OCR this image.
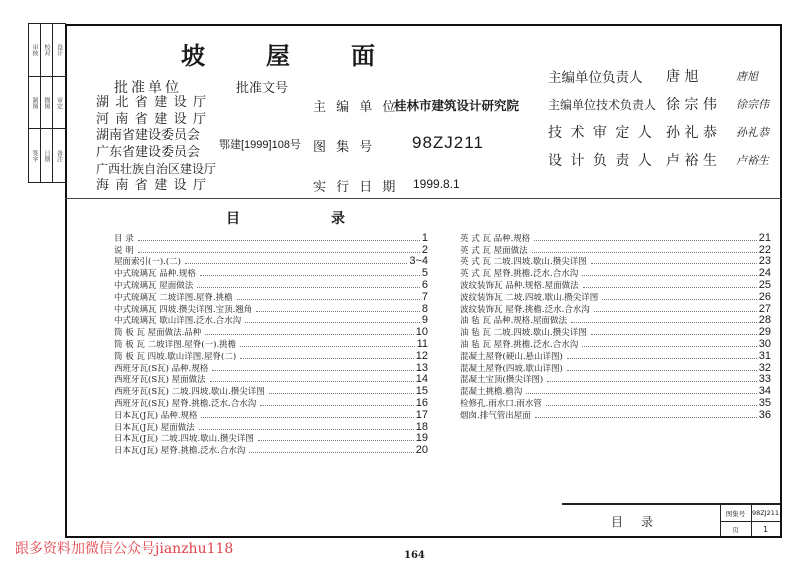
审核 校对 设计
制图 描图 审定
签字 日期 备注
坡	屋	面
批准单位	批准文号
湖 北 省 建 设 厅
河 南 省 建 设 厅
湖南省建设委员会
广东省建设委员会
广西壮族自治区建设厅
海 南 省 建 设 厅
鄂建[1999]108号
主 编 单 位
桂林市建筑设计研究院
图 集 号 98ZJ211
实 行 日 期 1999.8.1
主编单位负责人	唐 旭	唐旭
主编单位技术负责人 徐 宗 伟	徐宗伟
技 术 审 定 人 孙 礼 恭	孙礼恭
设 计 负 责 人 卢 裕 生	卢裕生
目	录
目 录	1
说 明	2
屋面索引(一).(二)	3~4
中式琉璃瓦 品种.规格	5
中式琉璃瓦 屋面做法	6
中式琉璃瓦 二坡详图.屋脊.挑檐	7
中式琉璃瓦 四坡.攒尖详图.宝顶.翘角	8
中式琉璃瓦 歇山详图.泛水.合水沟	9
筒 板 瓦 屋面做法.品种	10
筒 板 瓦 二坡详图.屋脊(一).挑檐	11
筒 板 瓦 四坡.歇山详图.屋脊(二)	12
西班牙瓦(S瓦) 品种.规格	13
西班牙瓦(S瓦) 屋面做法	14
西班牙瓦(S瓦) 二坡.四坡.歇山.攒尖详图	15
西班牙瓦(S瓦) 屋脊.挑檐.泛水.合水沟	16
日本瓦(J瓦) 品种.规格	17
日本瓦(J瓦) 屋面做法	18
日本瓦(J瓦) 二坡.四坡.歇山.攒尖详图	19
日本瓦(J瓦) 屋脊.挑檐.泛水.合水沟	20
英 式 瓦 品种.规格	21
英 式 瓦 屋面做法	22
英 式 瓦 二坡.四坡.歇山.攒尖详图	23
英 式 瓦 屋脊.挑檐.泛水.合水沟	24
波纹装饰瓦 品种.规格.屋面做法	25
波纹装饰瓦 二坡.四坡.歇山.攒尖详图	26
波纹装饰瓦 屋脊.挑檐.泛水.合水沟	27
油 毡 瓦 品种.规格.屋面做法	28
油 毡 瓦 二坡.四坡.歇山.攒尖详图	29
油 毡 瓦 屋脊.挑檐.泛水.合水沟	30
混凝土屋脊(硬山.悬山详图)	31
混凝土屋脊(四坡.歇山详图)	32
混凝土宝顶(攒尖详图)	33
混凝土挑檐.檐沟	34
检修孔.雨水口.雨水管	35
烟囱.排气管出屋面	36
目录
图集号	98ZJ211
页	1
跟多资料加微信公众号jianzhu118	164
